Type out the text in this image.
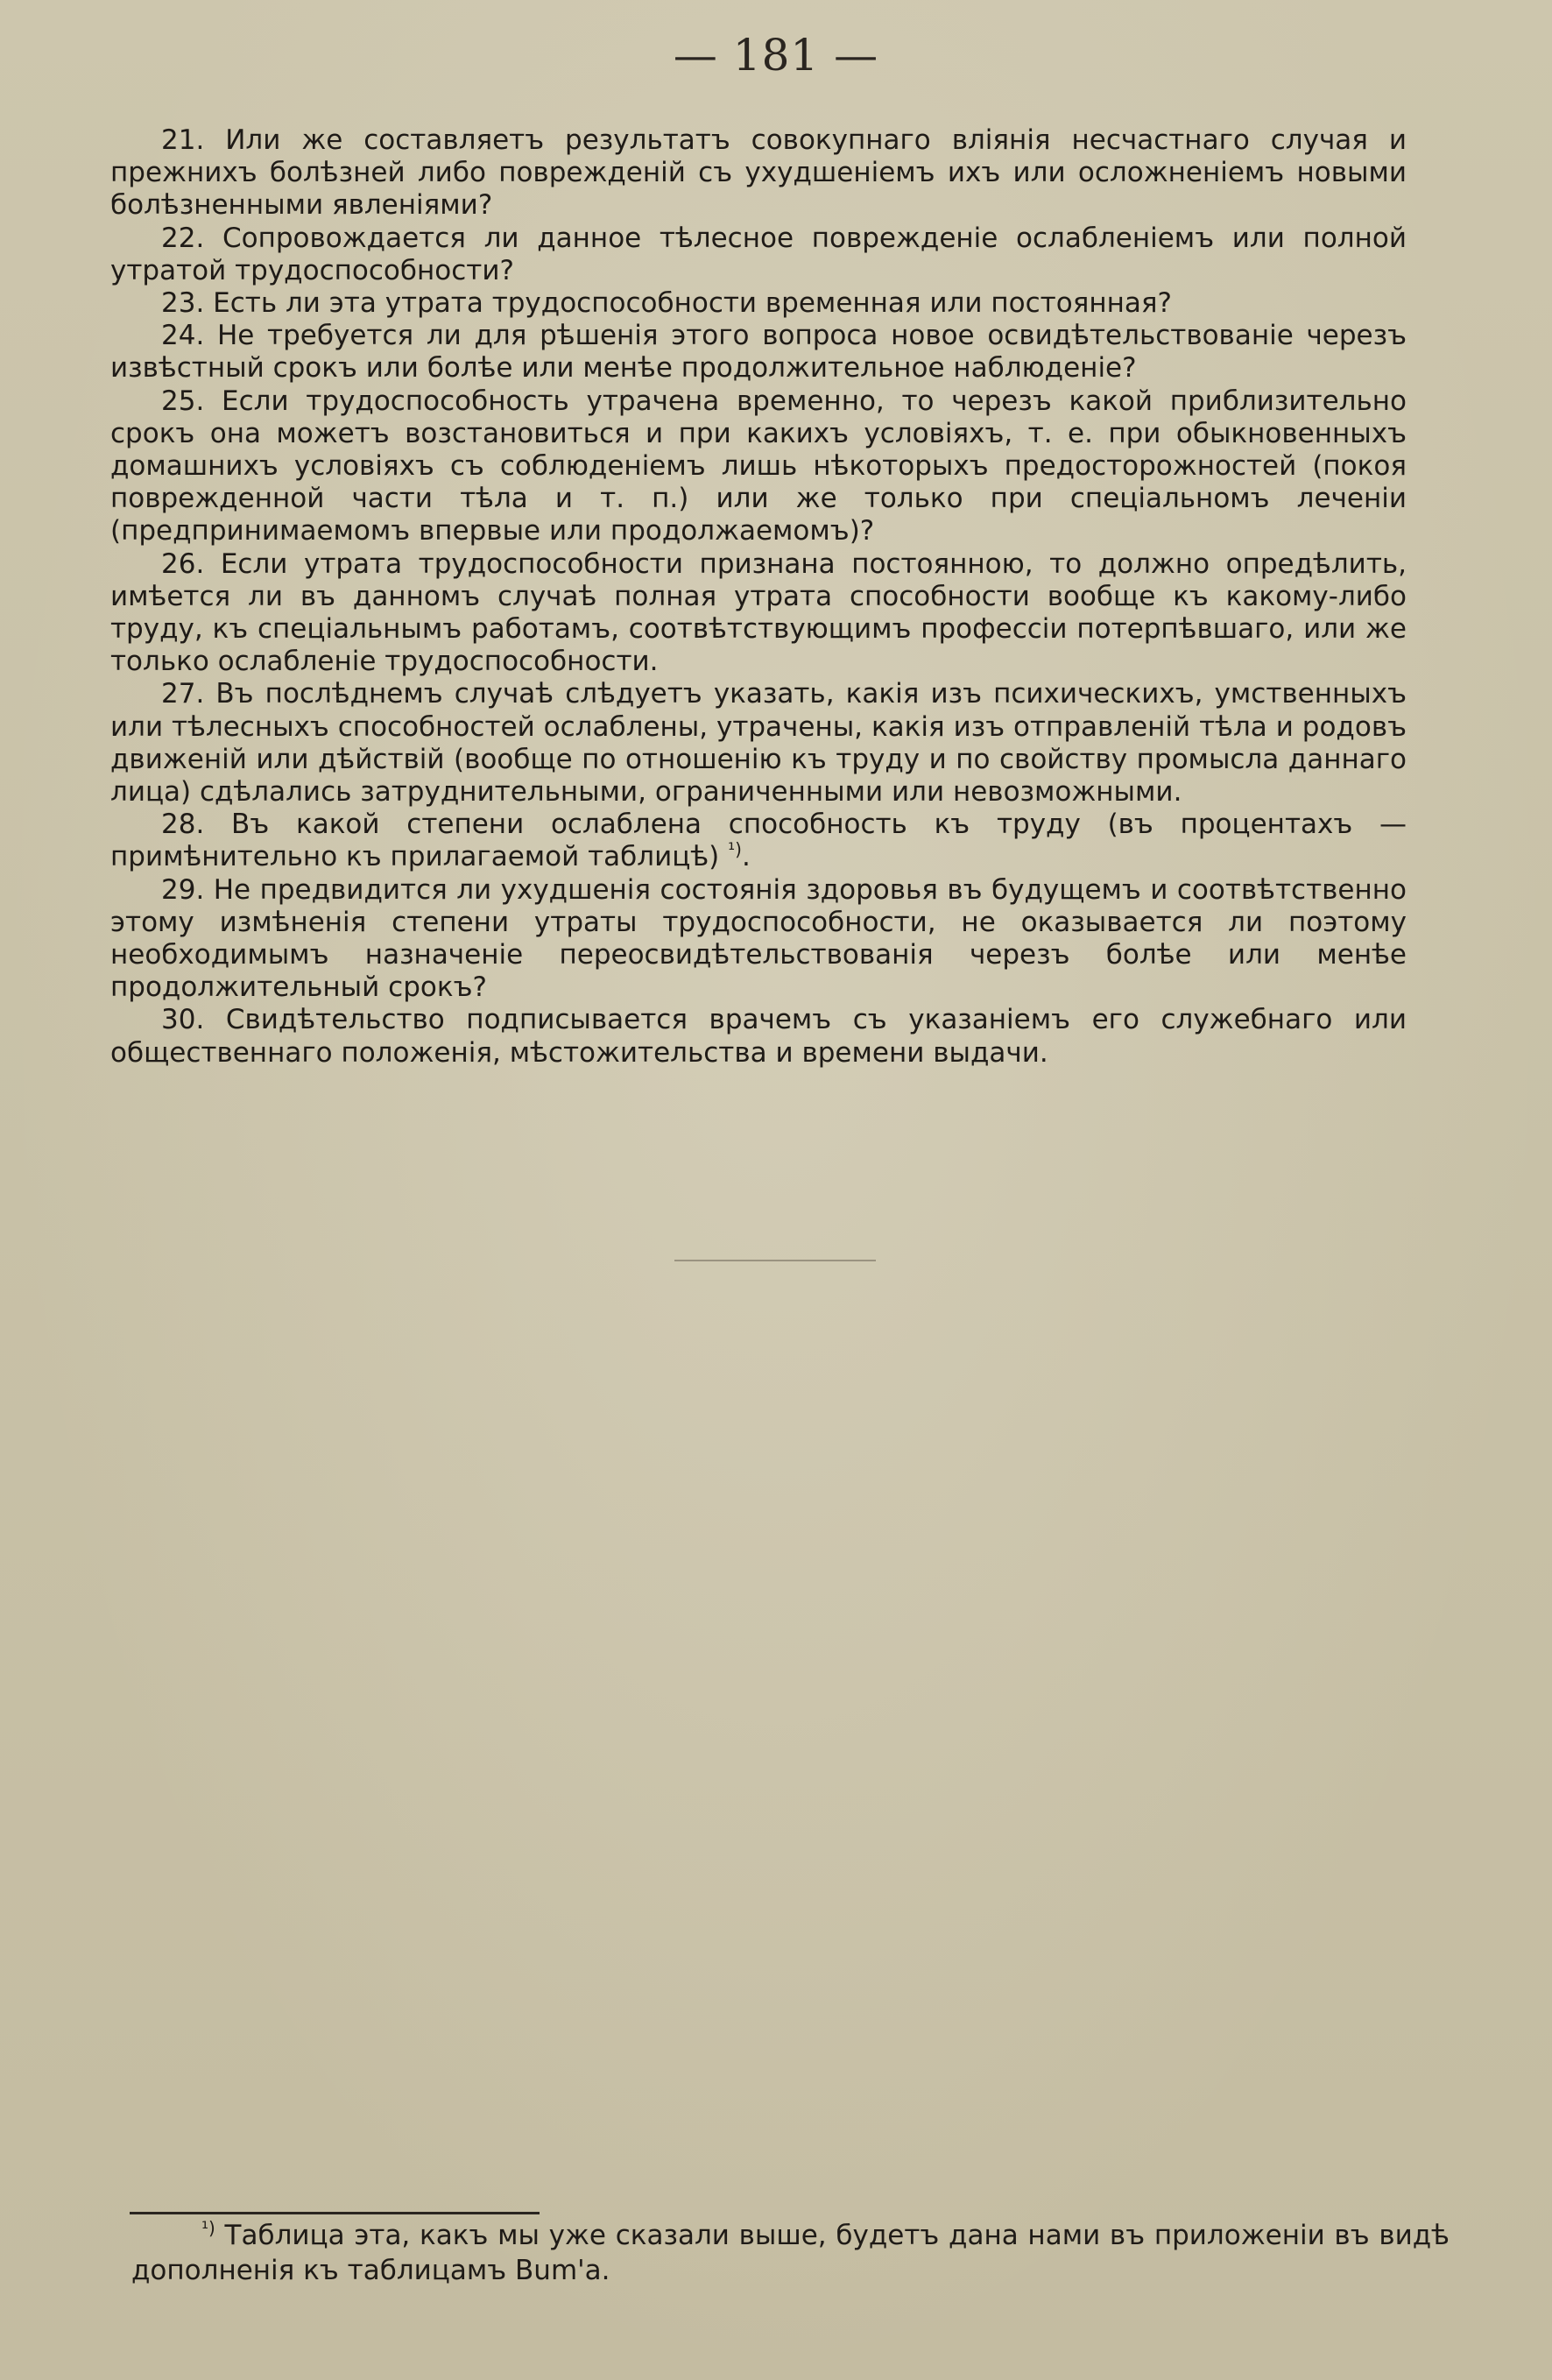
— 181 —

21. Или же составляетъ результатъ совокупнаго вліянія несчастнаго случая и прежнихъ болѣзней либо поврежденій съ ухудшеніемъ ихъ или осложненіемъ новыми болѣзненными явленіями?

22. Сопровождается ли данное тѣлесное поврежденіе ослабленіемъ или полной утратой трудоспособности?

23. Есть ли эта утрата трудоспособности временная или постоянная?

24. Не требуется ли для рѣшенія этого вопроса новое освидѣтельствованіе черезъ извѣстный срокъ или болѣе или менѣе продолжительное наблюденіе?

25. Если трудоспособность утрачена временно, то черезъ какой приблизительно срокъ она можетъ возстановиться и при какихъ условіяхъ, т. е. при обыкновенныхъ домашнихъ условіяхъ съ соблюденіемъ лишь нѣкоторыхъ предосторожностей (покоя поврежденной части тѣла и т. п.) или же только при спеціальномъ леченіи (предпринимаемомъ впервые или продолжаемомъ)?

26. Если утрата трудоспособности признана постоянною, то должно опредѣлить, имѣется ли въ данномъ случаѣ полная утрата способности вообще къ какому-либо труду, къ спеціальнымъ работамъ, соотвѣтствующимъ профессіи потерпѣвшаго, или же только ослабленіе трудоспособности.

27. Въ послѣднемъ случаѣ слѣдуетъ указать, какія изъ психическихъ, умственныхъ или тѣлесныхъ способностей ослаблены, утрачены, какія изъ отправленій тѣла и родовъ движеній или дѣйствій (вообще по отношенію къ труду и по свойству промысла даннаго лица) сдѣлались затруднительными, ограниченными или невозможными.

28. Въ какой степени ослаблена способность къ труду (въ процентахъ — примѣнительно къ прилагаемой таблицѣ) $^{^1)}$.

29. Не предвидится ли ухудшенія состоянія здоровья въ будущемъ и соотвѣтственно этому измѣненія степени утраты трудоспособности, не оказывается ли поэтому необходимымъ назначеніе переосвидѣтельствованія черезъ болѣе или менѣе продолжительный срокъ?

30. Свидѣтельство подписывается врачемъ съ указаніемъ его служебнаго или общественнаго положенія, мѣстожительства и времени выдачи.

$^{^1)}$ Таблица эта, какъ мы уже сказали выше, будетъ дана нами въ приложеніи въ видѣ дополненія къ таблицамъ Bum'a.
